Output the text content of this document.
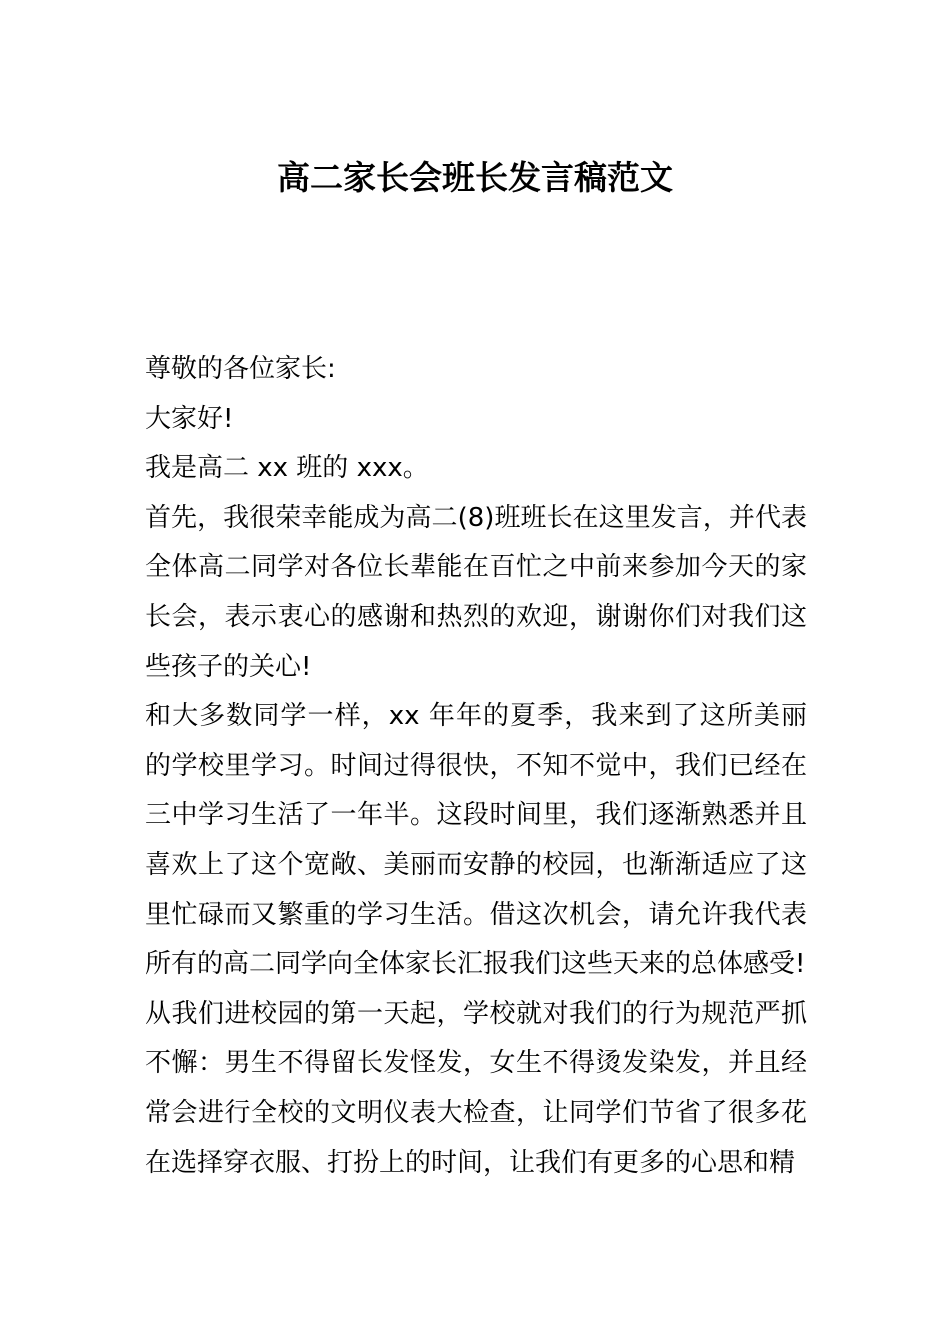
高二家长会班长发言稿范文

尊敬的各位家长:

大家好!

我是高二 xx 班的 xxx。

首先，我很荣幸能成为高二(8)班班长在这里发言，并代表全体高二同学对各位长辈能在百忙之中前来参加今天的家长会，表示衷心的感谢和热烈的欢迎，谢谢你们对我们这些孩子的关心!

和大多数同学一样，xx 年年的夏季，我来到了这所美丽的学校里学习。时间过得很快，不知不觉中，我们已经在三中学习生活了一年半。这段时间里，我们逐渐熟悉并且喜欢上了这个宽敞、美丽而安静的校园，也渐渐适应了这里忙碌而又繁重的学习生活。借这次机会，请允许我代表所有的高二同学向全体家长汇报我们这些天来的总体感受!

从我们进校园的第一天起，学校就对我们的行为规范严抓不懈：男生不得留长发怪发，女生不得烫发染发，并且经常会进行全校的文明仪表大检查，让同学们节省了很多花在选择穿衣服、打扮上的时间，让我们有更多的心思和精
